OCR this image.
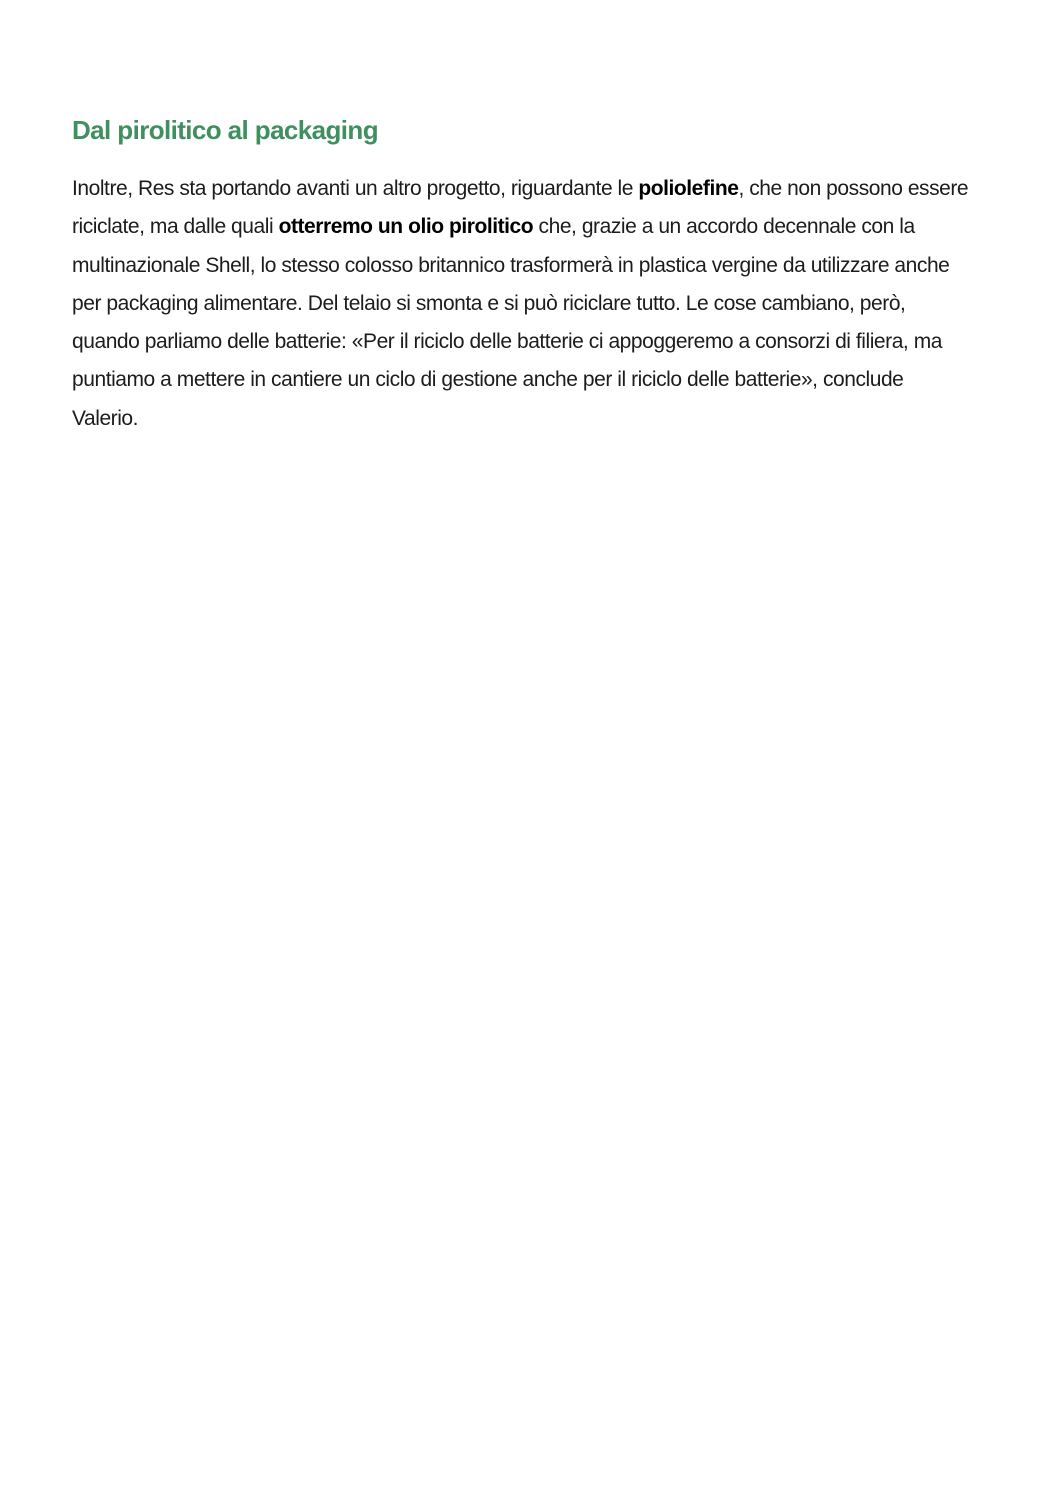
Dal pirolitico al packaging

Inoltre, Res sta portando avanti un altro progetto, riguardante le poliolefine, che non possono essere riciclate, ma dalle quali otterremo un olio pirolitico che, grazie a un accordo decennale con la multinazionale Shell, lo stesso colosso britannico trasformerà in plastica vergine da utilizzare anche per packaging alimentare. Del telaio si smonta e si può riciclare tutto. Le cose cambiano, però, quando parliamo delle batterie: «Per il riciclo delle batterie ci appoggeremo a consorzi di filiera, ma puntiamo a mettere in cantiere un ciclo di gestione anche per il riciclo delle batterie», conclude Valerio.
